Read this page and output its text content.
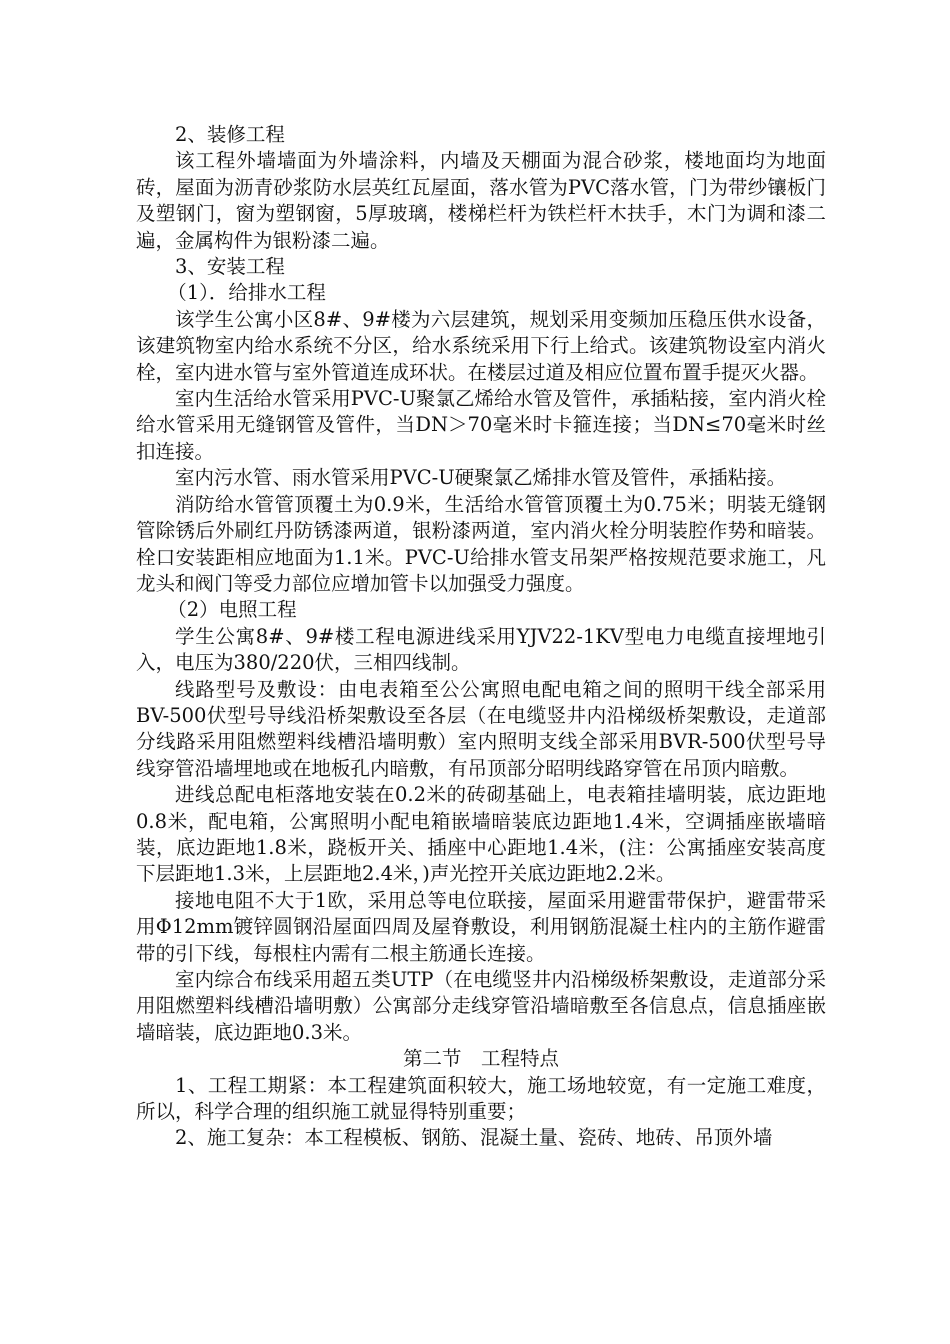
2、装修工程

该工程外墙墙面为外墙涂料，内墙及天棚面为混合砂浆，楼地面均为地面砖，屋面为沥青砂浆防水层英红瓦屋面，落水管为PVC落水管，门为带纱镶板门及塑钢门，窗为塑钢窗，5厚玻璃，楼梯栏杆为铁栏杆木扶手，木门为调和漆二遍，金属构件为银粉漆二遍。

3、安装工程

（1）．给排水工程

该学生公寓小区8#、9#楼为六层建筑，规划采用变频加压稳压供水设备，该建筑物室内给水系统不分区，给水系统采用下行上给式。该建筑物设室内消火栓，室内进水管与室外管道连成环状。在楼层过道及相应位置布置手提灭火器。

室内生活给水管采用PVC-U聚氯乙烯给水管及管件，承插粘接，室内消火栓给水管采用无缝钢管及管件，当DN＞70毫米时卡箍连接；当DN≤70毫米时丝扣连接。

室内污水管、雨水管采用PVC-U硬聚氯乙烯排水管及管件，承插粘接。

消防给水管管顶覆土为0.9米，生活给水管管顶覆土为0.75米；明装无缝钢管除锈后外刷红丹防锈漆两道，银粉漆两道，室内消火栓分明装腔作势和暗装。栓口安装距相应地面为1.1米。PVC-U给排水管支吊架严格按规范要求施工，凡龙头和阀门等受力部位应增加管卡以加强受力强度。

（2）电照工程

学生公寓8#、9#楼工程电源进线采用YJV22-1KV型电力电缆直接埋地引入，电压为380/220伏，三相四线制。

线路型号及敷设：由电表箱至公公寓照电配电箱之间的照明干线全部采用BV-500伏型号导线沿桥架敷设至各层（在电缆竖井内沿梯级桥架敷设，走道部分线路采用阻燃塑料线槽沿墙明敷）室内照明支线全部采用BVR-500伏型号导线穿管沿墙埋地或在地板孔内暗敷，有吊顶部分昭明线路穿管在吊顶内暗敷。

进线总配电柜落地安装在0.2米的砖砌基础上，电表箱挂墙明装，底边距地0.8米，配电箱，公寓照明小配电箱嵌墙暗装底边距地1.4米，空调插座嵌墙暗装，底边距地1.8米，跷板开关、插座中心距地1.4米，(注：公寓插座安装高度下层距地1.3米，上层距地2.4米，)声光控开关底边距地2.2米。

接地电阻不大于1欧，采用总等电位联接，屋面采用避雷带保护，避雷带采用Φ12mm镀锌圆钢沿屋面四周及屋脊敷设，利用钢筋混凝土柱内的主筋作避雷带的引下线，每根柱内需有二根主筋通长连接。

室内综合布线采用超五类UTP（在电缆竖井内沿梯级桥架敷设，走道部分采用阻燃塑料线槽沿墙明敷）公寓部分走线穿管沿墙暗敷至各信息点，信息插座嵌墙暗装，底边距地0.3米。

第二节　工程特点

1、工程工期紧：本工程建筑面积较大，施工场地较宽，有一定施工难度，所以，科学合理的组织施工就显得特别重要；

2、施工复杂：本工程模板、钢筋、混凝土量、瓷砖、地砖、吊顶外墙
